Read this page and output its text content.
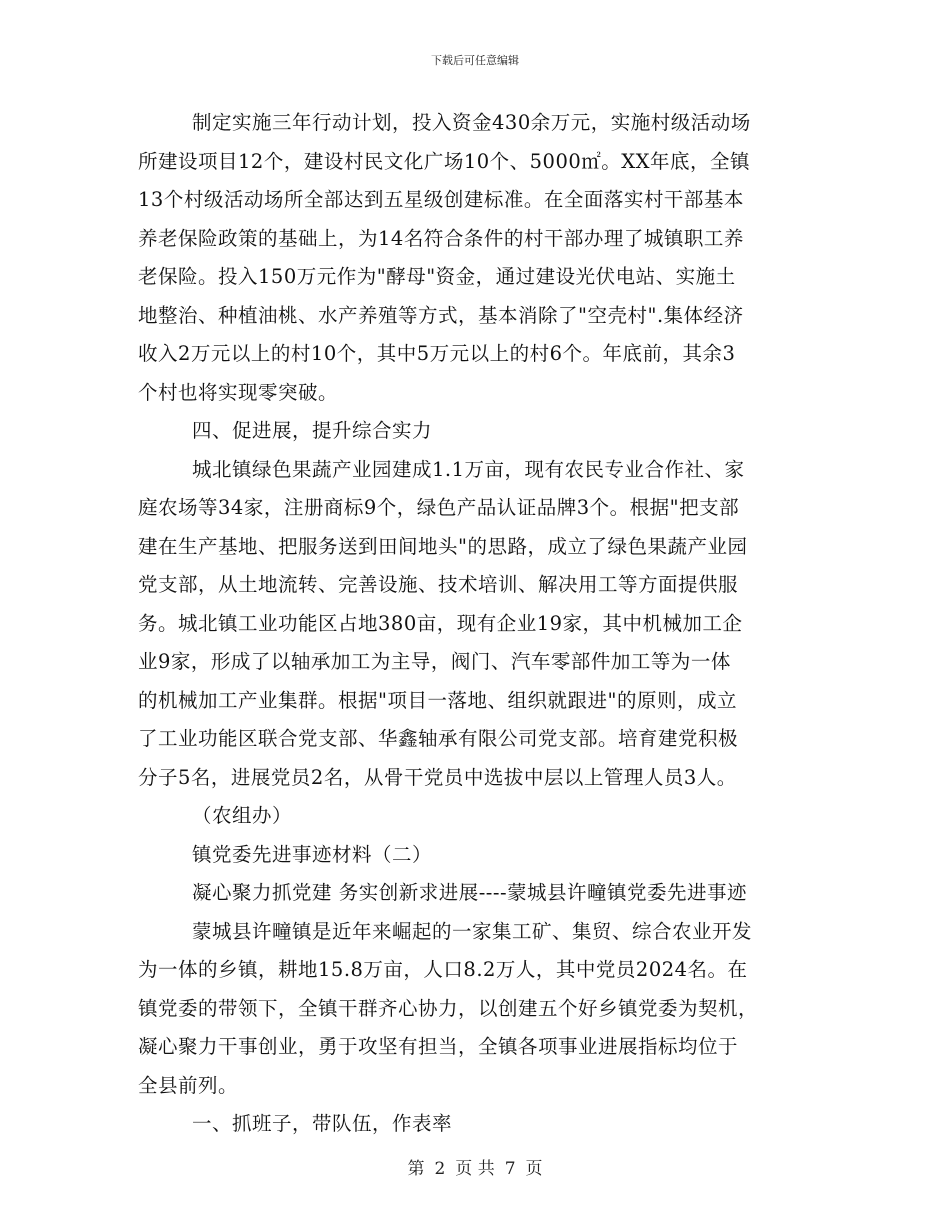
下载后可任意编辑
制定实施三年行动计划，投入资金430余万元，实施村级活动场
所建设项目12个，建设村民文化广场10个、5000㎡。XX年底，全镇
13个村级活动场所全部达到五星级创建标准。在全面落实村干部基本
养老保险政策的基础上，为14名符合条件的村干部办理了城镇职工养
老保险。投入150万元作为"酵母"资金，通过建设光伏电站、实施土
地整治、种植油桃、水产养殖等方式，基本消除了"空壳村".集体经济
收入2万元以上的村10个，其中5万元以上的村6个。年底前，其余3
个村也将实现零突破。
四、促进展，提升综合实力
城北镇绿色果蔬产业园建成1.1万亩，现有农民专业合作社、家
庭农场等34家，注册商标9个，绿色产品认证品牌3个。根据"把支部
建在生产基地、把服务送到田间地头"的思路，成立了绿色果蔬产业园
党支部，从土地流转、完善设施、技术培训、解决用工等方面提供服
务。城北镇工业功能区占地380亩，现有企业19家，其中机械加工企
业9家，形成了以轴承加工为主导，阀门、汽车零部件加工等为一体
的机械加工产业集群。根据"项目一落地、组织就跟进"的原则，成立
了工业功能区联合党支部、华鑫轴承有限公司党支部。培育建党积极
分子5名，进展党员2名，从骨干党员中选拔中层以上管理人员3人。
（农组办）
镇党委先进事迹材料（二）
凝心聚力抓党建 务实创新求进展----蒙城县许疃镇党委先进事迹
蒙城县许疃镇是近年来崛起的一家集工矿、集贸、综合农业开发
为一体的乡镇，耕地15.8万亩，人口8.2万人，其中党员2024名。在
镇党委的带领下，全镇干群齐心协力，以创建五个好乡镇党委为契机，
凝心聚力干事创业，勇于攻坚有担当，全镇各项事业进展指标均位于
全县前列。
一、抓班子，带队伍，作表率
第 2 页 共 7 页
